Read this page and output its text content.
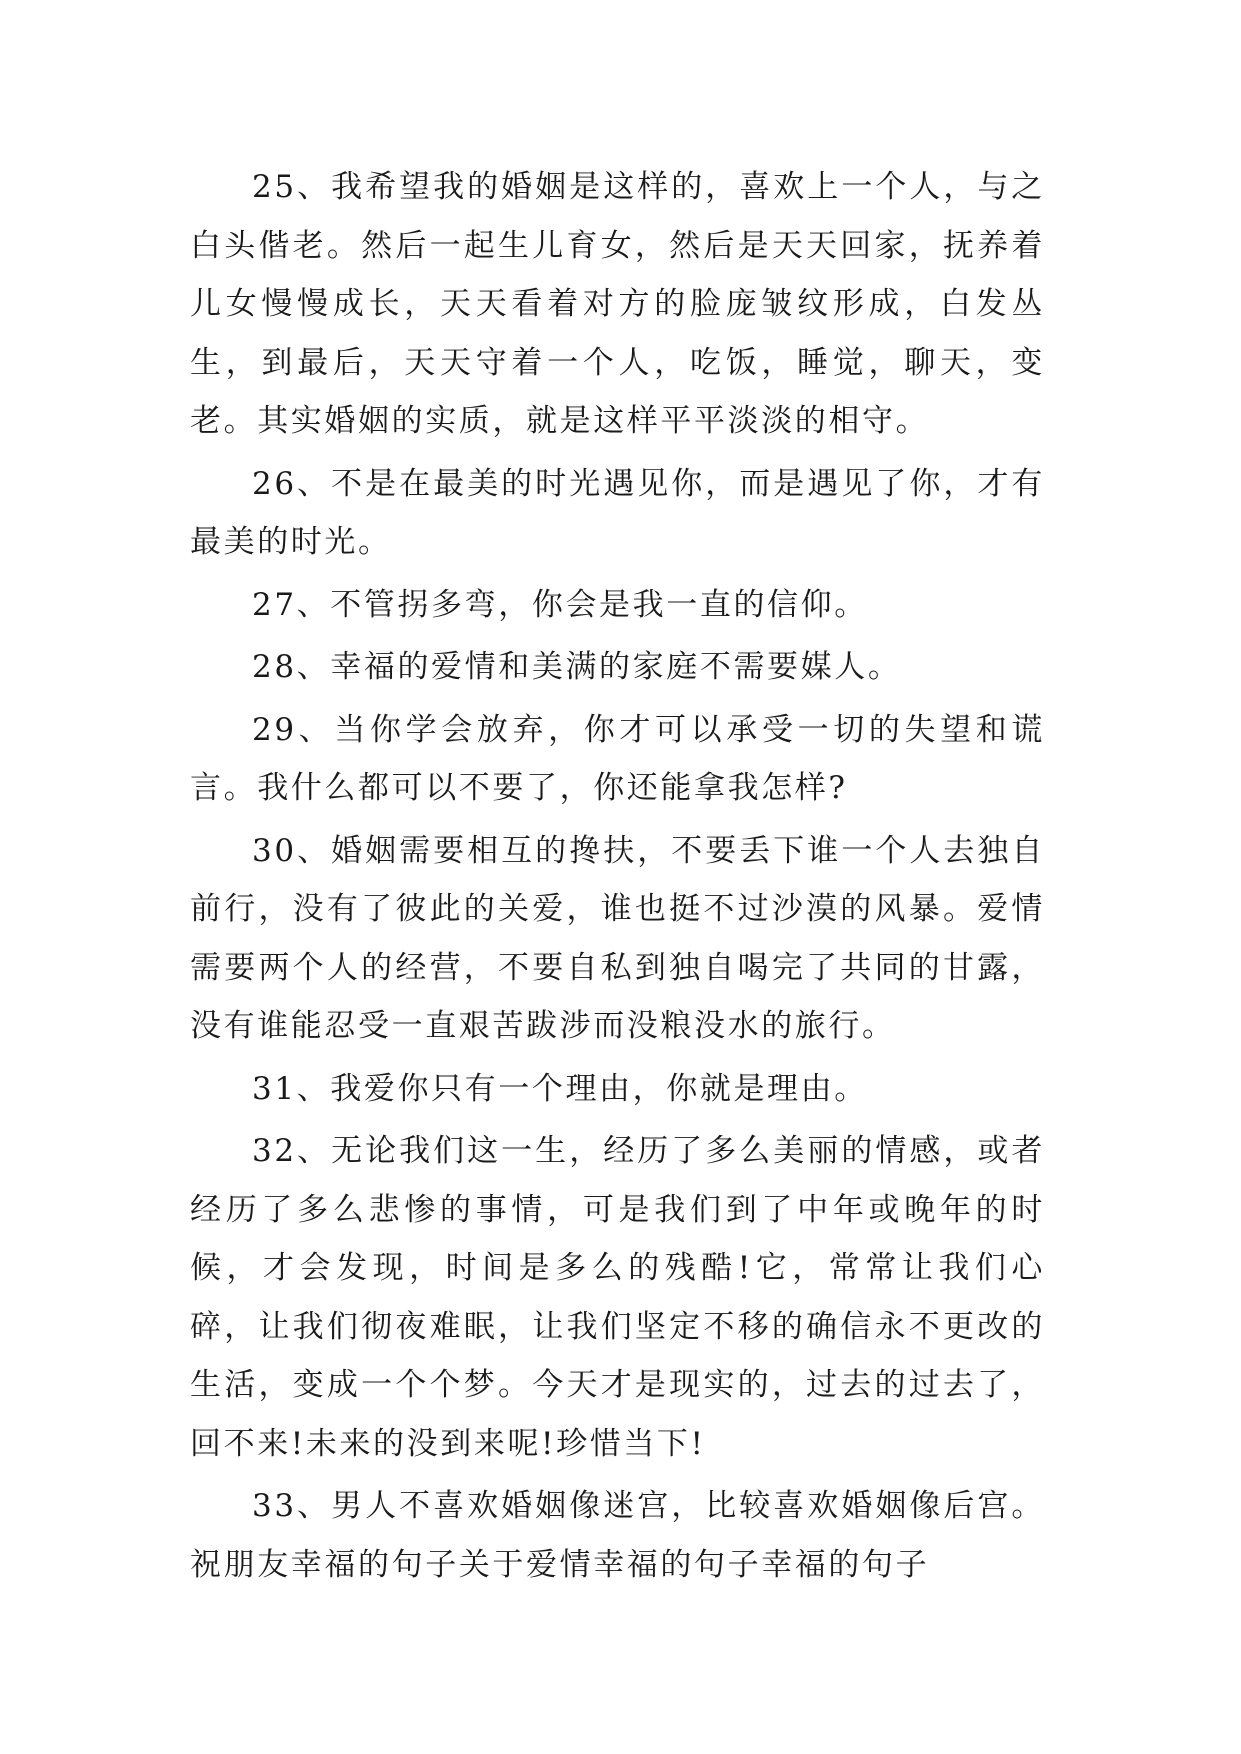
25、我希望我的婚姻是这样的，喜欢上一个人，与之白头偕老。然后一起生儿育女，然后是天天回家，抚养着儿女慢慢成长，天天看着对方的脸庞皱纹形成，白发丛生，到最后，天天守着一个人，吃饭，睡觉，聊天，变老。其实婚姻的实质，就是这样平平淡淡的相守。

26、不是在最美的时光遇见你，而是遇见了你，才有最美的时光。

27、不管拐多弯，你会是我一直的信仰。

28、幸福的爱情和美满的家庭不需要媒人。

29、当你学会放弃，你才可以承受一切的失望和谎言。我什么都可以不要了，你还能拿我怎样?

30、婚姻需要相互的搀扶，不要丢下谁一个人去独自前行，没有了彼此的关爱，谁也挺不过沙漠的风暴。爱情需要两个人的经营，不要自私到独自喝完了共同的甘露，没有谁能忍受一直艰苦跋涉而没粮没水的旅行。

31、我爱你只有一个理由，你就是理由。

32、无论我们这一生，经历了多么美丽的情感，或者经历了多么悲惨的事情，可是我们到了中年或晚年的时候，才会发现，时间是多么的残酷!它，常常让我们心碎，让我们彻夜难眠，让我们坚定不移的确信永不更改的生活，变成一个个梦。今天才是现实的，过去的过去了，回不来!未来的没到来呢!珍惜当下!

33、男人不喜欢婚姻像迷宫，比较喜欢婚姻像后宫。祝朋友幸福的句子关于爱情幸福的句子幸福的句子
